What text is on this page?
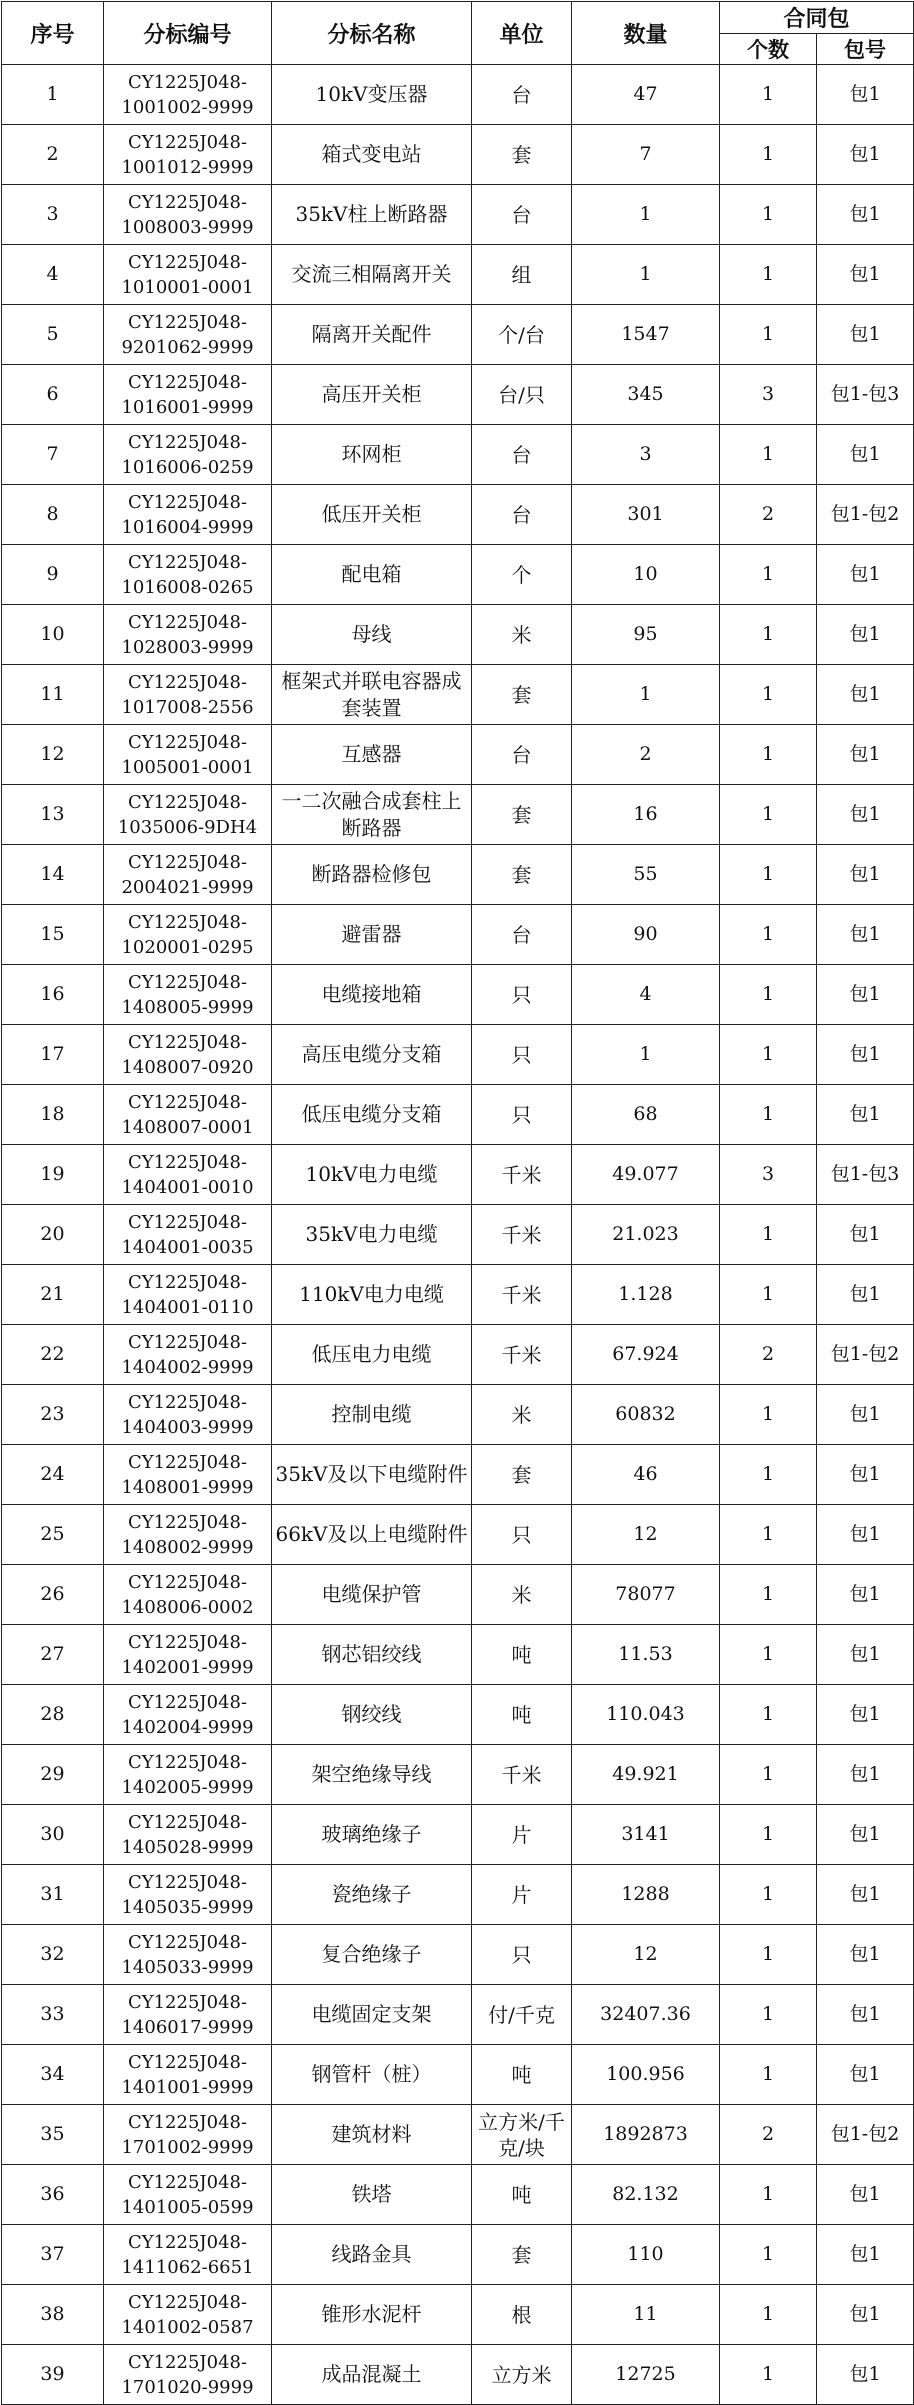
序号	分标编号	分标名称	单位	数量	合同包	
					个数	包号
1	CY1225J048-
1001002-9999	10kV变压器	台	47	1	包1
2	CY1225J048-
1001012-9999	箱式变电站	套	7	1	包1
3	CY1225J048-
1008003-9999	35kV柱上断路器	台	1	1	包1
4	CY1225J048-
1010001-0001	交流三相隔离开关	组	1	1	包1
5	CY1225J048-
9201062-9999	隔离开关配件	个/台	1547	1	包1
6	CY1225J048-
1016001-9999	高压开关柜	台/只	345	3	包1-包3
7	CY1225J048-
1016006-0259	环网柜	台	3	1	包1
8	CY1225J048-
1016004-9999	低压开关柜	台	301	2	包1-包2
9	CY1225J048-
1016008-0265	配电箱	个	10	1	包1
10	CY1225J048-
1028003-9999	母线	米	95	1	包1
11	CY1225J048-
1017008-2556	框架式并联电容器成套装置	套	1	1	包1
12	CY1225J048-
1005001-0001	互感器	台	2	1	包1
13	CY1225J048-
1035006-9DH4	一二次融合成套柱上断路器	套	16	1	包1
14	CY1225J048-
2004021-9999	断路器检修包	套	55	1	包1
15	CY1225J048-
1020001-0295	避雷器	台	90	1	包1
16	CY1225J048-
1408005-9999	电缆接地箱	只	4	1	包1
17	CY1225J048-
1408007-0920	高压电缆分支箱	只	1	1	包1
18	CY1225J048-
1408007-0001	低压电缆分支箱	只	68	1	包1
19	CY1225J048-
1404001-0010	10kV电力电缆	千米	49.077	3	包1-包3
20	CY1225J048-
1404001-0035	35kV电力电缆	千米	21.023	1	包1
21	CY1225J048-
1404001-0110	110kV电力电缆	千米	1.128	1	包1
22	CY1225J048-
1404002-9999	低压电力电缆	千米	67.924	2	包1-包2
23	CY1225J048-
1404003-9999	控制电缆	米	60832	1	包1
24	CY1225J048-
1408001-9999	35kV及以下电缆附件	套	46	1	包1
25	CY1225J048-
1408002-9999	66kV及以上电缆附件	只	12	1	包1
26	CY1225J048-
1408006-0002	电缆保护管	米	78077	1	包1
27	CY1225J048-
1402001-9999	钢芯铝绞线	吨	11.53	1	包1
28	CY1225J048-
1402004-9999	钢绞线	吨	110.043	1	包1
29	CY1225J048-
1402005-9999	架空绝缘导线	千米	49.921	1	包1
30	CY1225J048-
1405028-9999	玻璃绝缘子	片	3141	1	包1
31	CY1225J048-
1405035-9999	瓷绝缘子	片	1288	1	包1
32	CY1225J048-
1405033-9999	复合绝缘子	只	12	1	包1
33	CY1225J048-
1406017-9999	电缆固定支架	付/千克	32407.36	1	包1
34	CY1225J048-
1401001-9999	钢管杆（桩）	吨	100.956	1	包1
35	CY1225J048-
1701002-9999	建筑材料	立方米/千克/块	1892873	2	包1-包2
36	CY1225J048-
1401005-0599	铁塔	吨	82.132	1	包1
37	CY1225J048-
1411062-6651	线路金具	套	110	1	包1
38	CY1225J048-
1401002-0587	锥形水泥杆	根	11	1	包1
39	CY1225J048-
1701020-9999	成品混凝土	立方米	12725	1	包1
